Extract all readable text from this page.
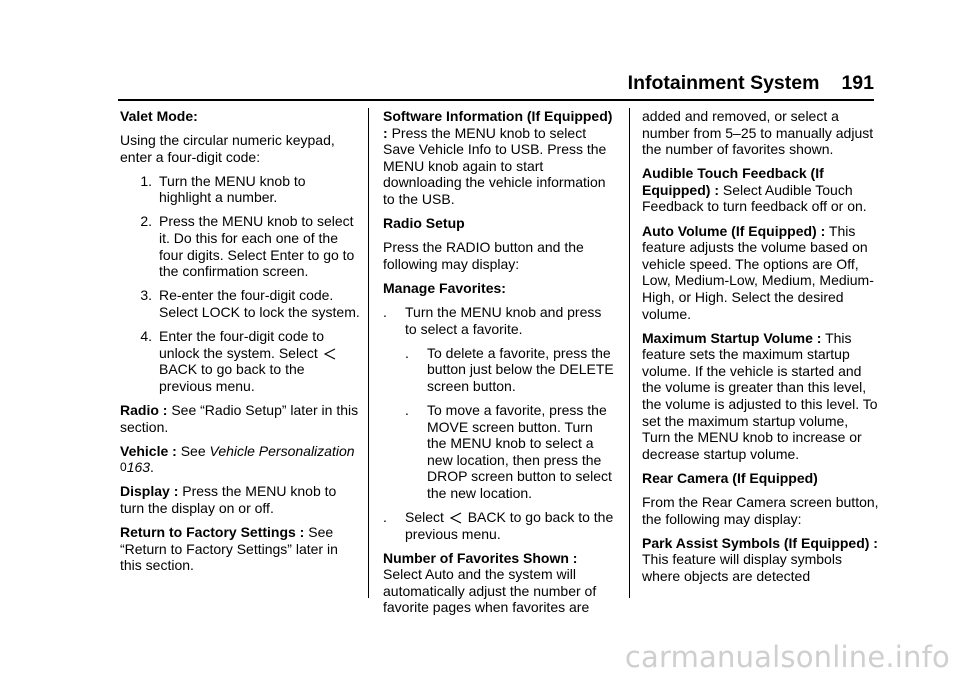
Infotainment System 191

Valet Mode:

Using the circular numeric keypad, enter a four-digit code:

1. Turn the MENU knob to highlight a number.
2. Press the MENU knob to select it. Do this for each one of the four digits. Select Enter to go to the confirmation screen.
3. Re-enter the four-digit code. Select LOCK to lock the system.
4. Enter the four-digit code to unlock the system. Select  BACK to go back to the previous menu.

Radio : See “Radio Setup” later in this section.

Vehicle : See Vehicle Personalization 0163.

Display : Press the MENU knob to turn the display on or off.

Return to Factory Settings : See “Return to Factory Settings” later in this section.

Software Information (If Equipped) : Press the MENU knob to select Save Vehicle Info to USB. Press the MENU knob again to start downloading the vehicle information to the USB.

Radio Setup

Press the RADIO button and the following may display:

Manage Favorites:

.	Turn the MENU knob and press to select a favorite.
.	To delete a favorite, press the button just below the DELETE screen button.
.	To move a favorite, press the MOVE screen button. Turn the MENU knob to select a new location, then press the DROP screen button to select the new location.
.	Select BACK to go back to the previous menu.

Number of Favorites Shown : Select Auto and the system will automatically adjust the number of favorite pages when favorites are

added and removed, or select a number from 5–25 to manually adjust the number of favorites shown.

Audible Touch Feedback (If Equipped) : Select Audible Touch Feedback to turn feedback off or on.

Auto Volume (If Equipped) : This feature adjusts the volume based on vehicle speed. The options are Off, Low, Medium-Low, Medium, Medium-High, or High. Select the desired volume.

Maximum Startup Volume : This feature sets the maximum startup volume. If the vehicle is started and the volume is greater than this level, the volume is adjusted to this level. To set the maximum startup volume, Turn the MENU knob to increase or decrease startup volume.

Rear Camera (If Equipped)

From the Rear Camera screen button, the following may display:

Park Assist Symbols (If Equipped) : This feature will display symbols where objects are detected

carmanualsonline.info
